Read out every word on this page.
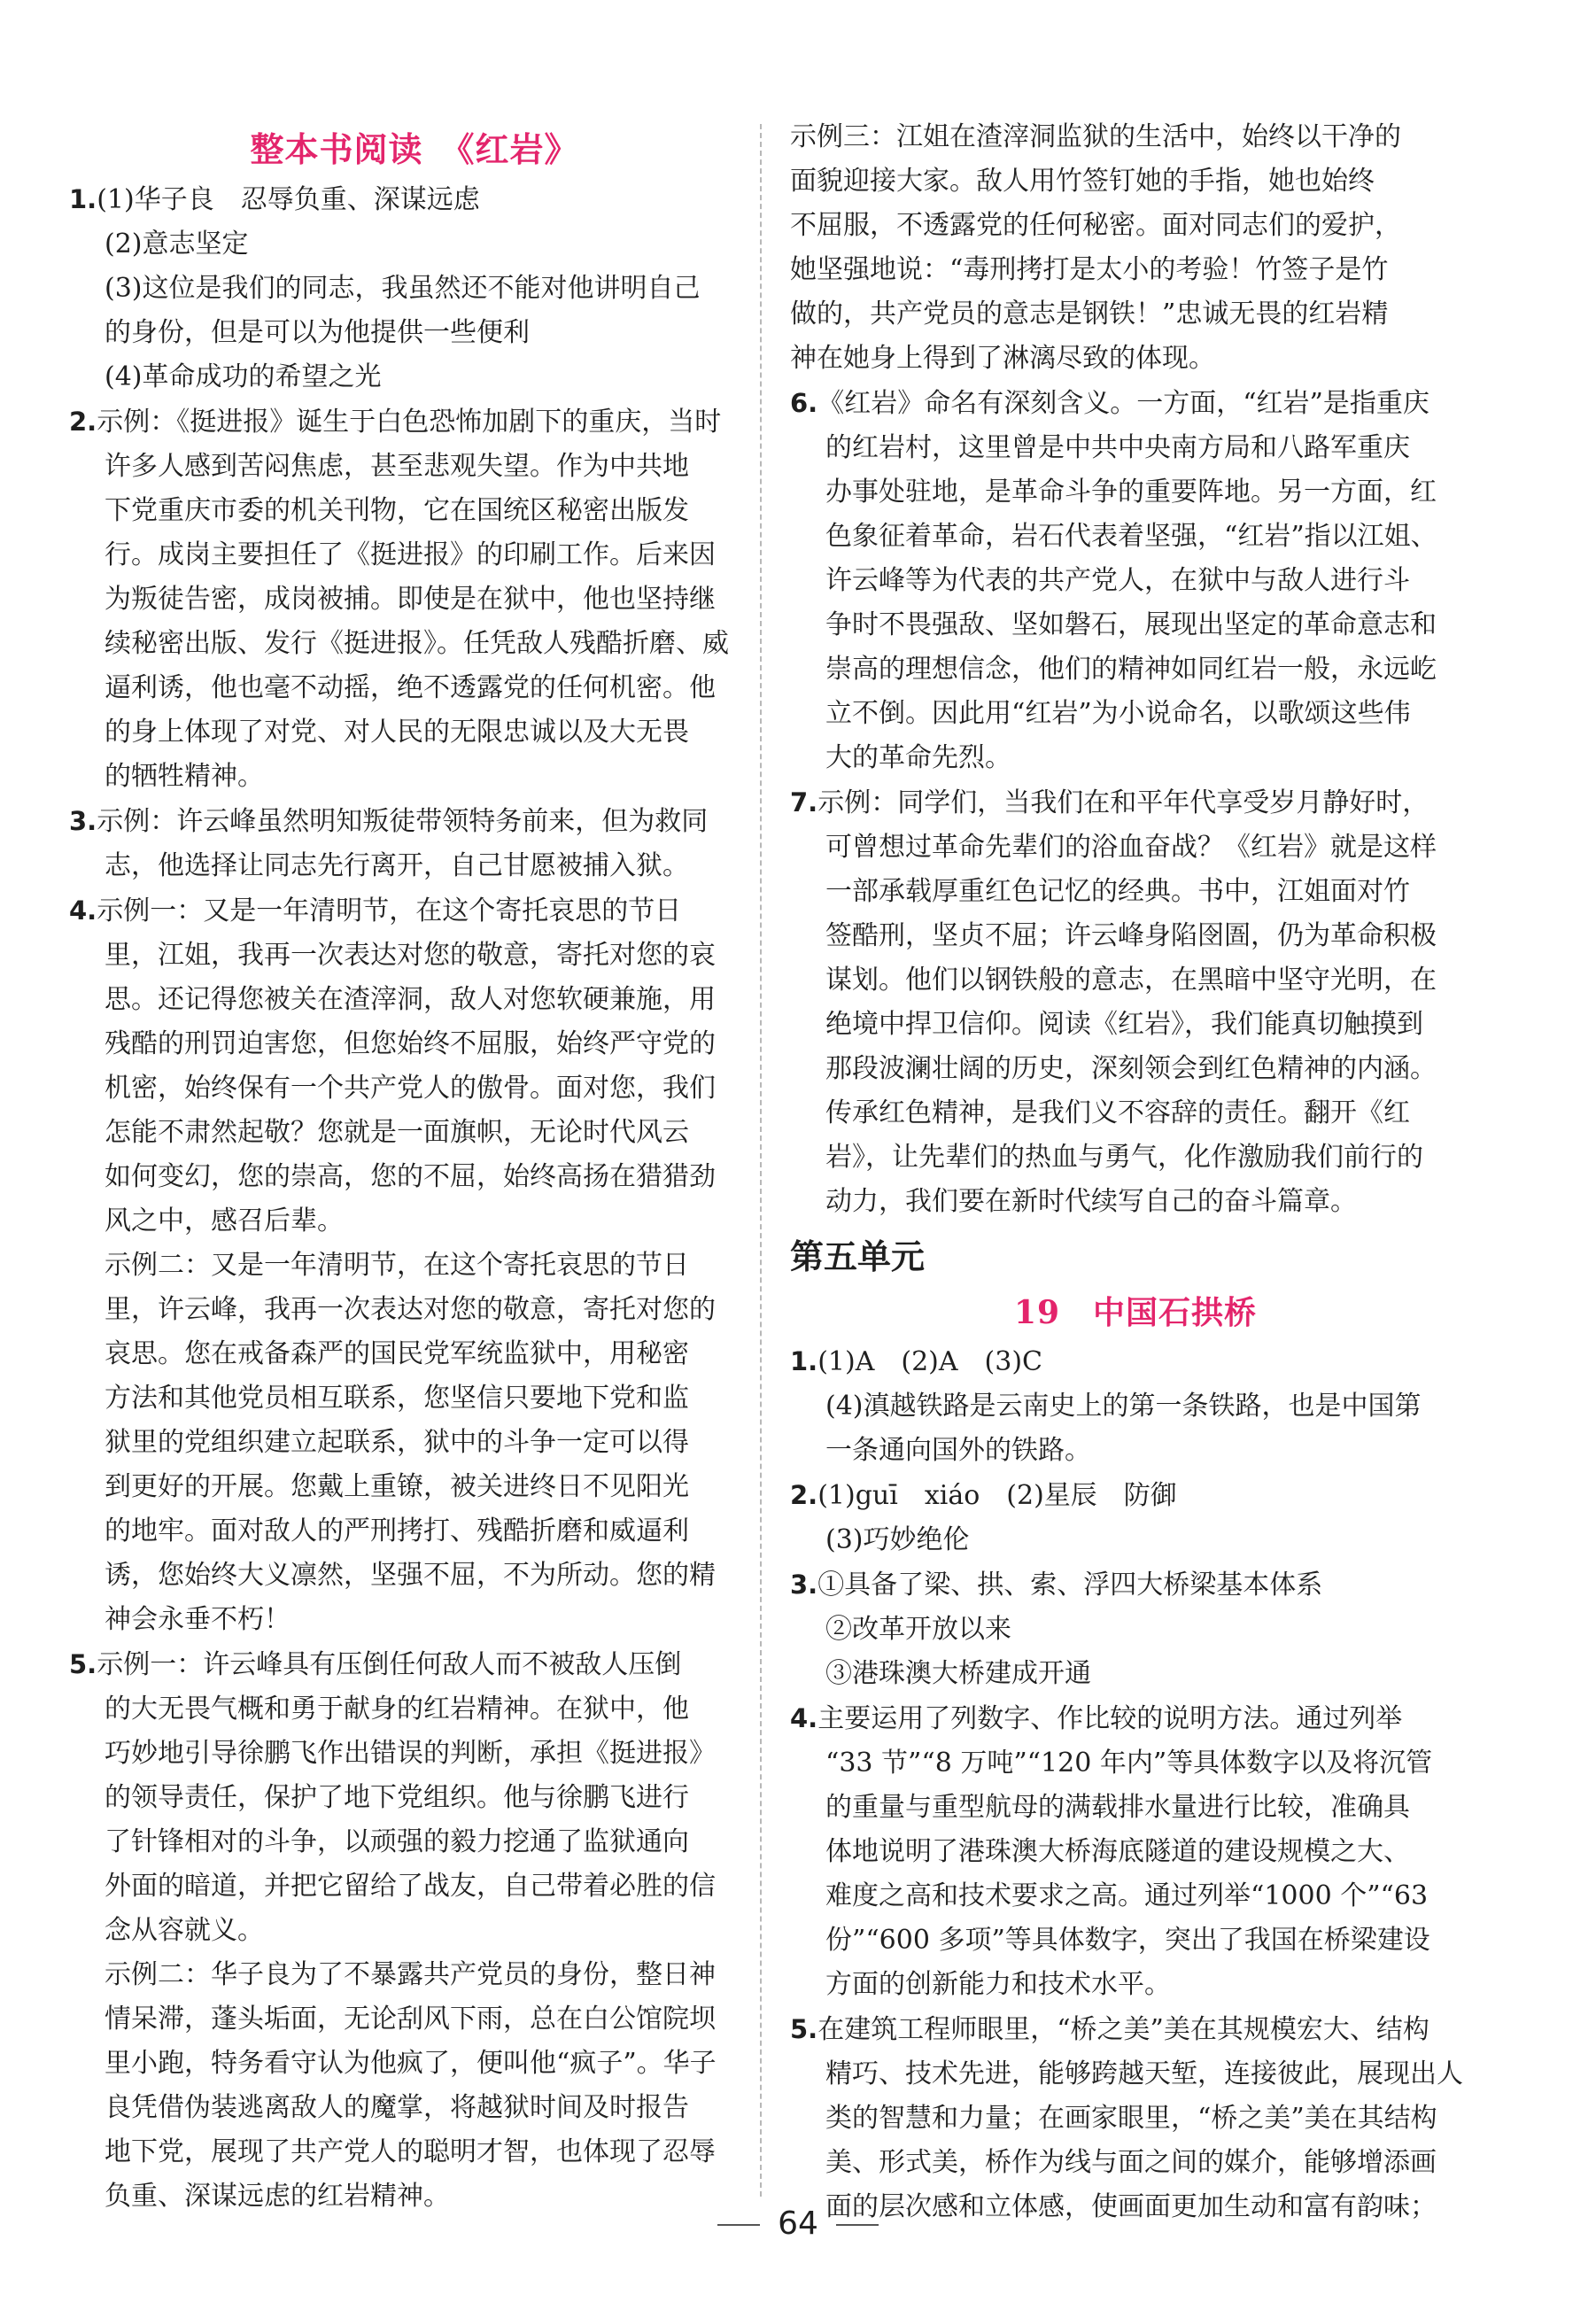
整本书阅读　《红岩》
1.(1)华子良　忍辱负重、深谋远虑
(2)意志坚定
(3)这位是我们的同志，我虽然还不能对他讲明自己
的身份，但是可以为他提供一些便利
(4)革命成功的希望之光
2.示例：《挺进报》诞生于白色恐怖加剧下的重庆，当时
许多人感到苦闷焦虑，甚至悲观失望。作为中共地
下党重庆市委的机关刊物，它在国统区秘密出版发
行。成岗主要担任了《挺进报》的印刷工作。后来因
为叛徒告密，成岗被捕。即使是在狱中，他也坚持继
续秘密出版、发行《挺进报》。任凭敌人残酷折磨、威
逼利诱，他也毫不动摇，绝不透露党的任何机密。他
的身上体现了对党、对人民的无限忠诚以及大无畏
的牺牲精神。
3.示例：许云峰虽然明知叛徒带领特务前来，但为救同
志，他选择让同志先行离开，自己甘愿被捕入狱。
4.示例一：又是一年清明节，在这个寄托哀思的节日
里，江姐，我再一次表达对您的敬意，寄托对您的哀
思。还记得您被关在渣滓洞，敌人对您软硬兼施，用
残酷的刑罚迫害您，但您始终不屈服，始终严守党的
机密，始终保有一个共产党人的傲骨。面对您，我们
怎能不肃然起敬？您就是一面旗帜，无论时代风云
如何变幻，您的崇高，您的不屈，始终高扬在猎猎劲
风之中，感召后辈。
示例二：又是一年清明节，在这个寄托哀思的节日
里，许云峰，我再一次表达对您的敬意，寄托对您的
哀思。您在戒备森严的国民党军统监狱中，用秘密
方法和其他党员相互联系，您坚信只要地下党和监
狱里的党组织建立起联系，狱中的斗争一定可以得
到更好的开展。您戴上重镣，被关进终日不见阳光
的地牢。面对敌人的严刑拷打、残酷折磨和威逼利
诱，您始终大义凛然，坚强不屈，不为所动。您的精
神会永垂不朽！
5.示例一：许云峰具有压倒任何敌人而不被敌人压倒
的大无畏气概和勇于献身的红岩精神。在狱中，他
巧妙地引导徐鹏飞作出错误的判断，承担《挺进报》
的领导责任，保护了地下党组织。他与徐鹏飞进行
了针锋相对的斗争，以顽强的毅力挖通了监狱通向
外面的暗道，并把它留给了战友，自己带着必胜的信
念从容就义。
示例二：华子良为了不暴露共产党员的身份，整日神
情呆滞，蓬头垢面，无论刮风下雨，总在白公馆院坝
里小跑，特务看守认为他疯了，便叫他“疯子”。华子
良凭借伪装逃离敌人的魔掌，将越狱时间及时报告
地下党，展现了共产党人的聪明才智，也体现了忍辱
负重、深谋远虑的红岩精神。
示例三：江姐在渣滓洞监狱的生活中，始终以干净的
面貌迎接大家。敌人用竹签钉她的手指，她也始终
不屈服，不透露党的任何秘密。面对同志们的爱护，
她坚强地说：“毒刑拷打是太小的考验！竹签子是竹
做的，共产党员的意志是钢铁！”忠诚无畏的红岩精
神在她身上得到了淋漓尽致的体现。
6.《红岩》命名有深刻含义。一方面，“红岩”是指重庆
的红岩村，这里曾是中共中央南方局和八路军重庆
办事处驻地，是革命斗争的重要阵地。另一方面，红
色象征着革命，岩石代表着坚强，“红岩”指以江姐、
许云峰等为代表的共产党人，在狱中与敌人进行斗
争时不畏强敌、坚如磐石，展现出坚定的革命意志和
崇高的理想信念，他们的精神如同红岩一般，永远屹
立不倒。因此用“红岩”为小说命名，以歌颂这些伟
大的革命先烈。
7.示例：同学们，当我们在和平年代享受岁月静好时，
可曾想过革命先辈们的浴血奋战？《红岩》就是这样
一部承载厚重红色记忆的经典。书中，江姐面对竹
签酷刑，坚贞不屈；许云峰身陷囹圄，仍为革命积极
谋划。他们以钢铁般的意志，在黑暗中坚守光明，在
绝境中捍卫信仰。阅读《红岩》，我们能真切触摸到
那段波澜壮阔的历史，深刻领会到红色精神的内涵。
传承红色精神，是我们义不容辞的责任。翻开《红
岩》，让先辈们的热血与勇气，化作激励我们前行的
动力，我们要在新时代续写自己的奋斗篇章。
第五单元
19　中国石拱桥
1.(1)A　(2)A　(3)C
(4)滇越铁路是云南史上的第一条铁路，也是中国第
一条通向国外的铁路。
2.(1)guī　xiáo　(2)星辰　防御
(3)巧妙绝伦
3.①具备了梁、拱、索、浮四大桥梁基本体系
②改革开放以来
③港珠澳大桥建成开通
4.主要运用了列数字、作比较的说明方法。通过列举
“33 节”“8 万吨”“120 年内”等具体数字以及将沉管
的重量与重型航母的满载排水量进行比较，准确具
体地说明了港珠澳大桥海底隧道的建设规模之大、
难度之高和技术要求之高。通过列举“1000 个”“63
份”“600 多项”等具体数字，突出了我国在桥梁建设
方面的创新能力和技术水平。
5.在建筑工程师眼里，“桥之美”美在其规模宏大、结构
精巧、技术先进，能够跨越天堑，连接彼此，展现出人
类的智慧和力量；在画家眼里，“桥之美”美在其结构
美、形式美，桥作为线与面之间的媒介，能够增添画
面的层次感和立体感，使画面更加生动和富有韵味；
64
